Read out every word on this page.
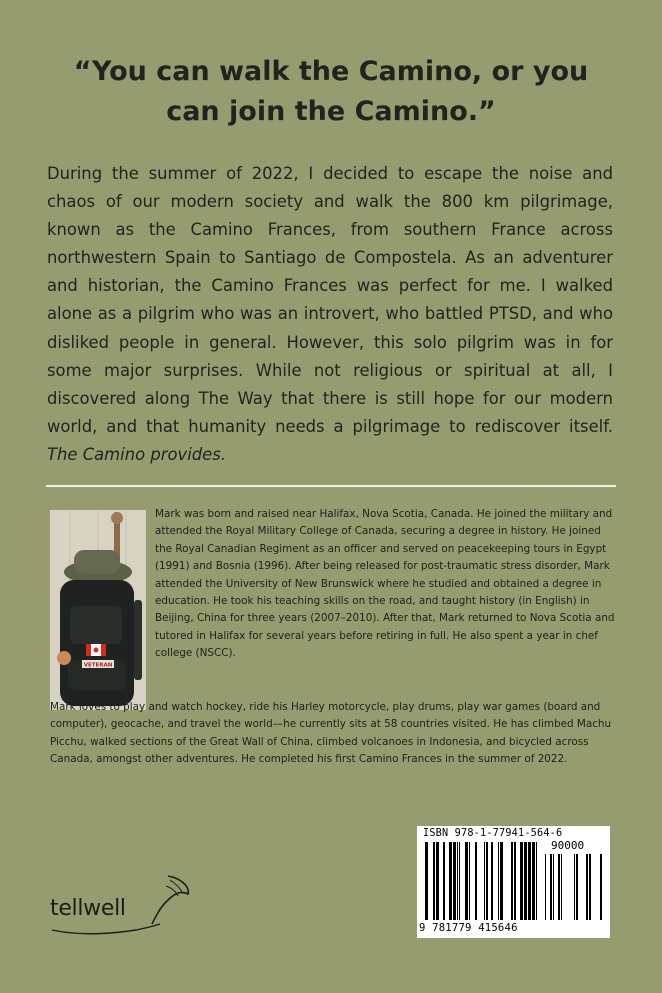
“You can walk the Camino, or you
can join the Camino.”
During the summer of 2022, I decided to escape the noise and chaos of our modern society and walk the 800 km pilgrimage, known as the Camino Frances, from southern France across northwestern Spain to Santiago de Compostela. As an adventurer and historian, the Camino Frances was perfect for me. I walked alone as a pilgrim who was an introvert, who battled PTSD, and who disliked people in general. However, this solo pilgrim was in for some major surprises. While not religious or spiritual at all, I discovered along The Way that there is still hope for our modern world, and that humanity needs a pilgrimage to rediscover itself. The Camino provides.
VETERAN
Mark was born and raised near Halifax, Nova Scotia, Canada. He joined the military and attended the Royal Military College of Canada, securing a degree in history. He joined the Royal Canadian Regiment as an officer and served on peacekeeping tours in Egypt (1991) and Bosnia (1996). After being released for post-traumatic stress disorder, Mark attended the University of New Brunswick where he studied and obtained a degree in education. He took his teaching skills on the road, and taught history (in English) in Beijing, China for three years (2007–2010). After that, Mark returned to Nova Scotia and tutored in Halifax for several years before retiring in full. He also spent a year in chef college (NSCC).
Mark loves to play and watch hockey, ride his Harley motorcycle, play drums, play war games (board and computer), geocache, and travel the world—he currently sits at 58 countries visited. He has climbed Machu Picchu, walked sections of the Great Wall of China, climbed volcanoes in Indonesia, and bicycled across Canada, amongst other adventures. He completed his first Camino Frances in the summer of 2022.
ISBN 978-1-77941-564-6
90000
9 781779 415646
tellwell
